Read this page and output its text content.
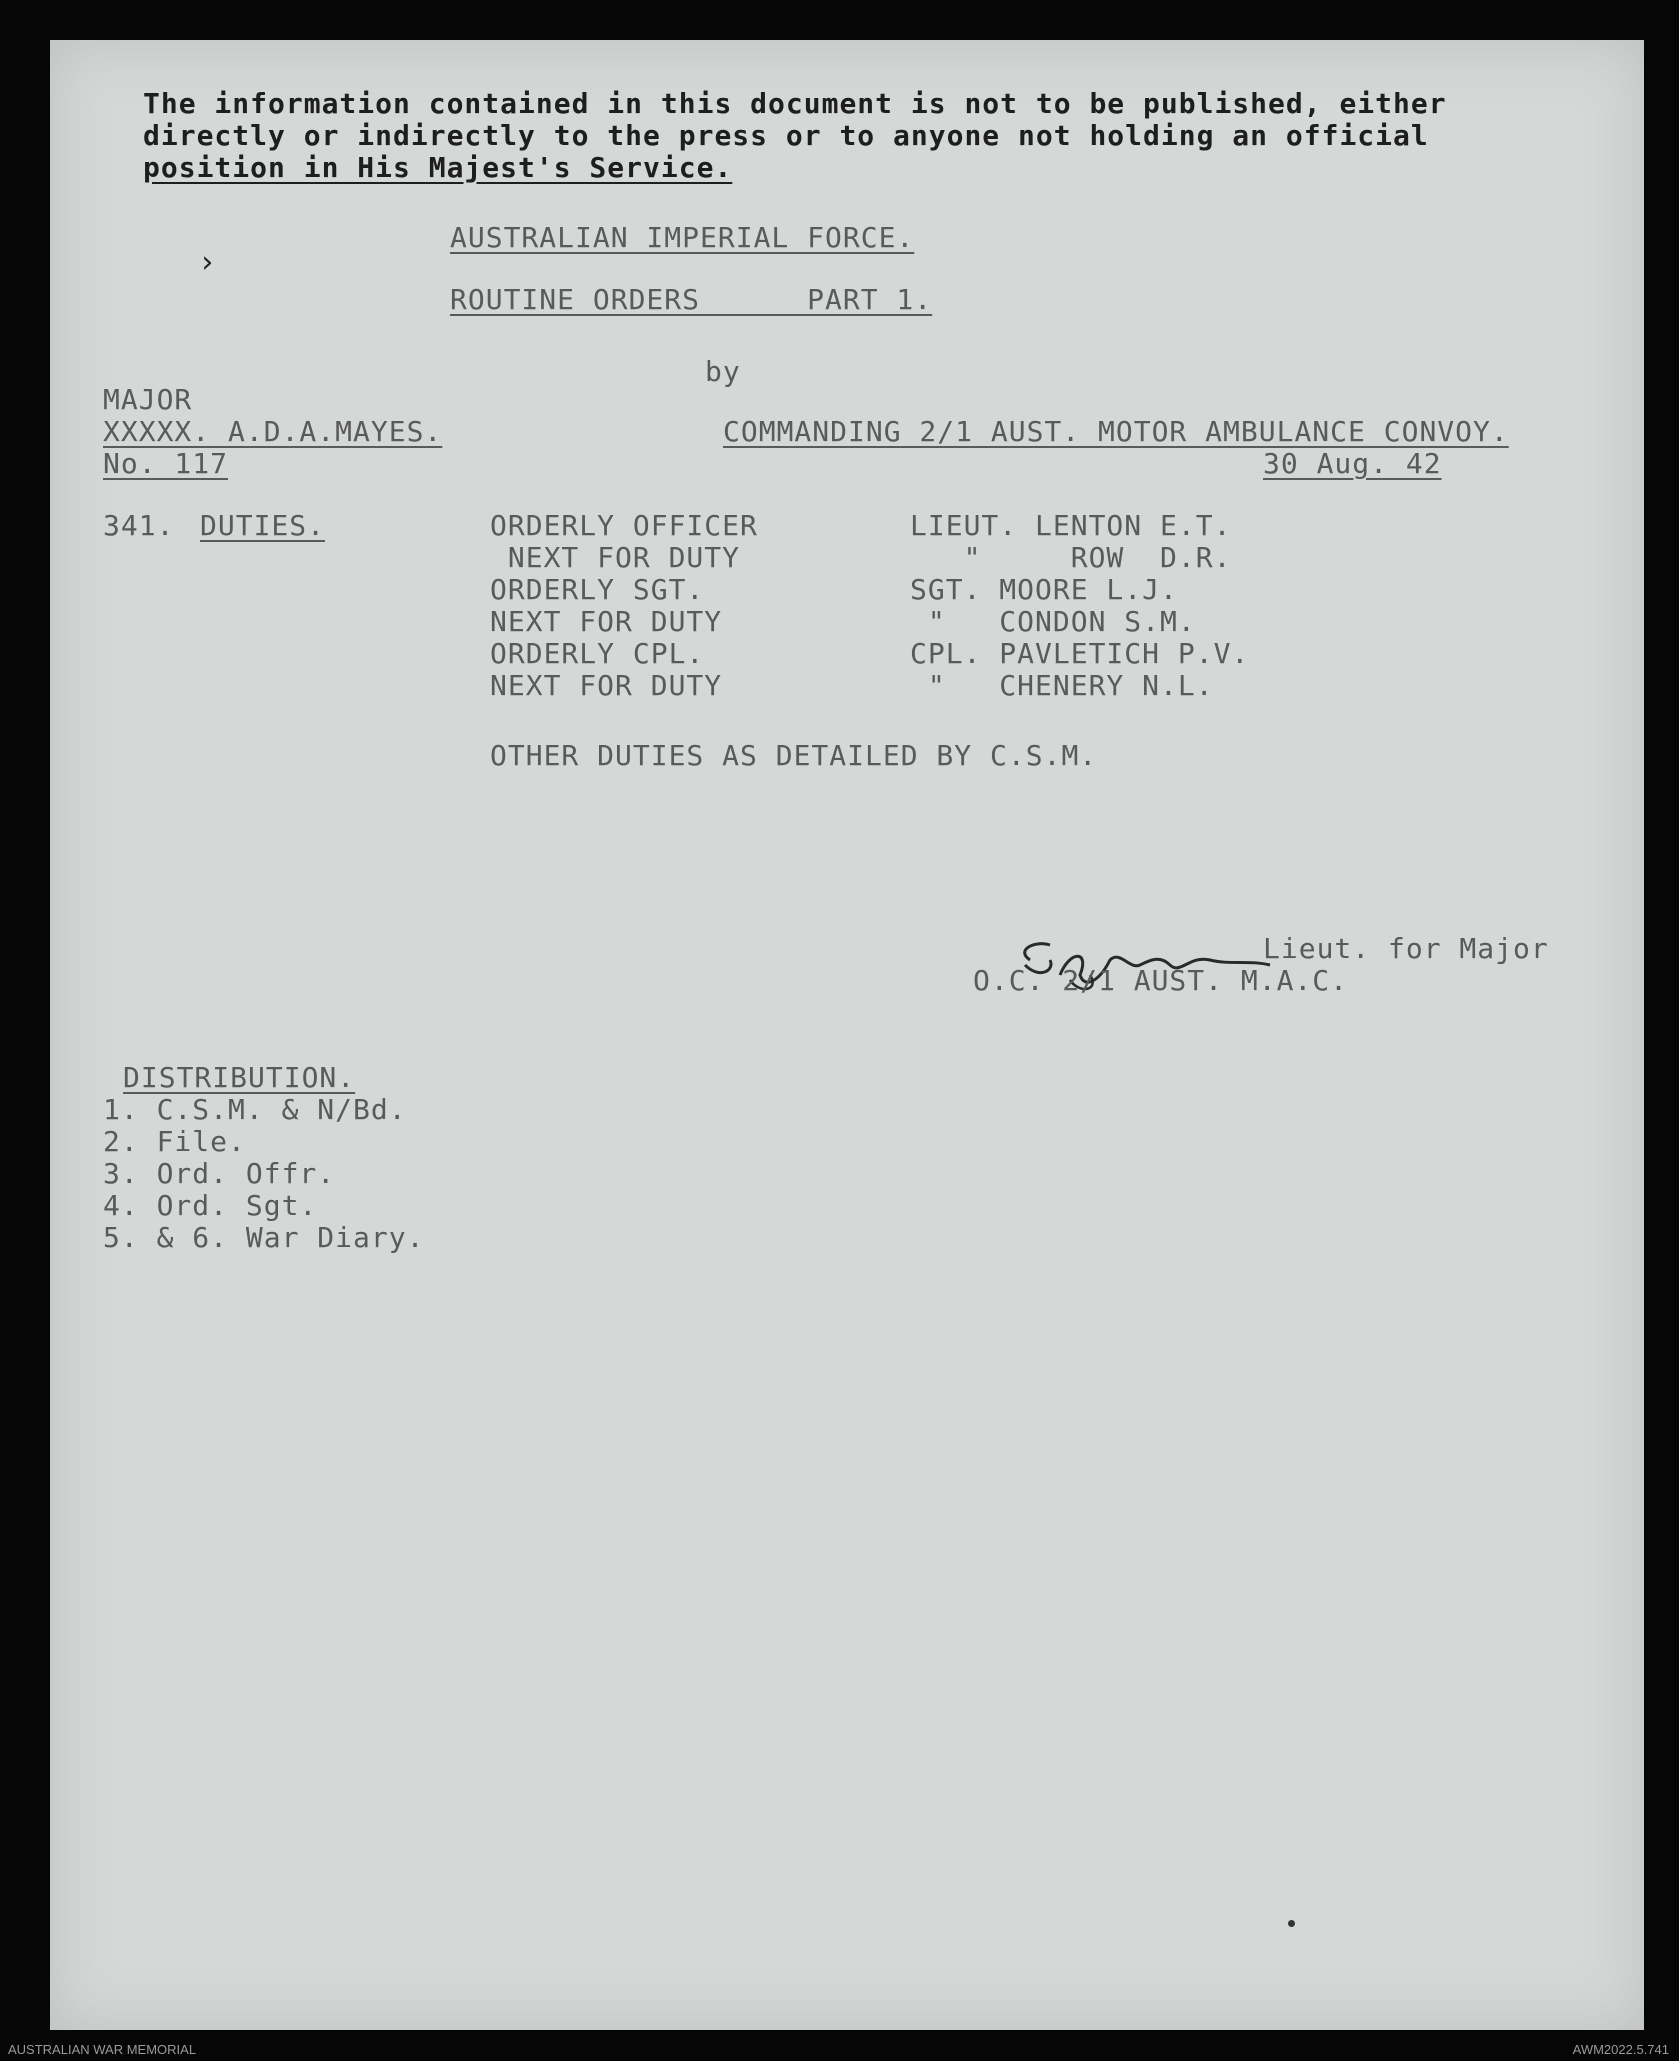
The information contained in this document is not to be published, either
directly or indirectly to the press or to anyone not holding an official
position in His Majest's Service.
›
AUSTRALIAN IMPERIAL FORCE.
ROUTINE ORDERS      PART 1.
by
MAJOR
XXXXX. A.D.A.MAYES.	COMMANDING 2/1 AUST. MOTOR AMBULANCE CONVOY.
No. 117	30 Aug. 42
341. DUTIES.	ORDERLY OFFICER	LIEUT. LENTON E.T.
NEXT FOR DUTY	"     ROW  D.R.
ORDERLY SGT.	SGT. MOORE L.J.
NEXT FOR DUTY	"   CONDON S.M.
ORDERLY CPL.	CPL. PAVLETICH P.V.
NEXT FOR DUTY	"   CHENERY N.L.
OTHER DUTIES AS DETAILED BY C.S.M.
Lieut. for Major
O.C. 2/1 AUST. M.A.C.
DISTRIBUTION.
1. C.S.M. & N/Bd.
2. File.
3. Ord. Offr.
4. Ord. Sgt.
5. & 6. War Diary.
AUSTRALIAN WAR MEMORIAL	AWM2022.5.741
